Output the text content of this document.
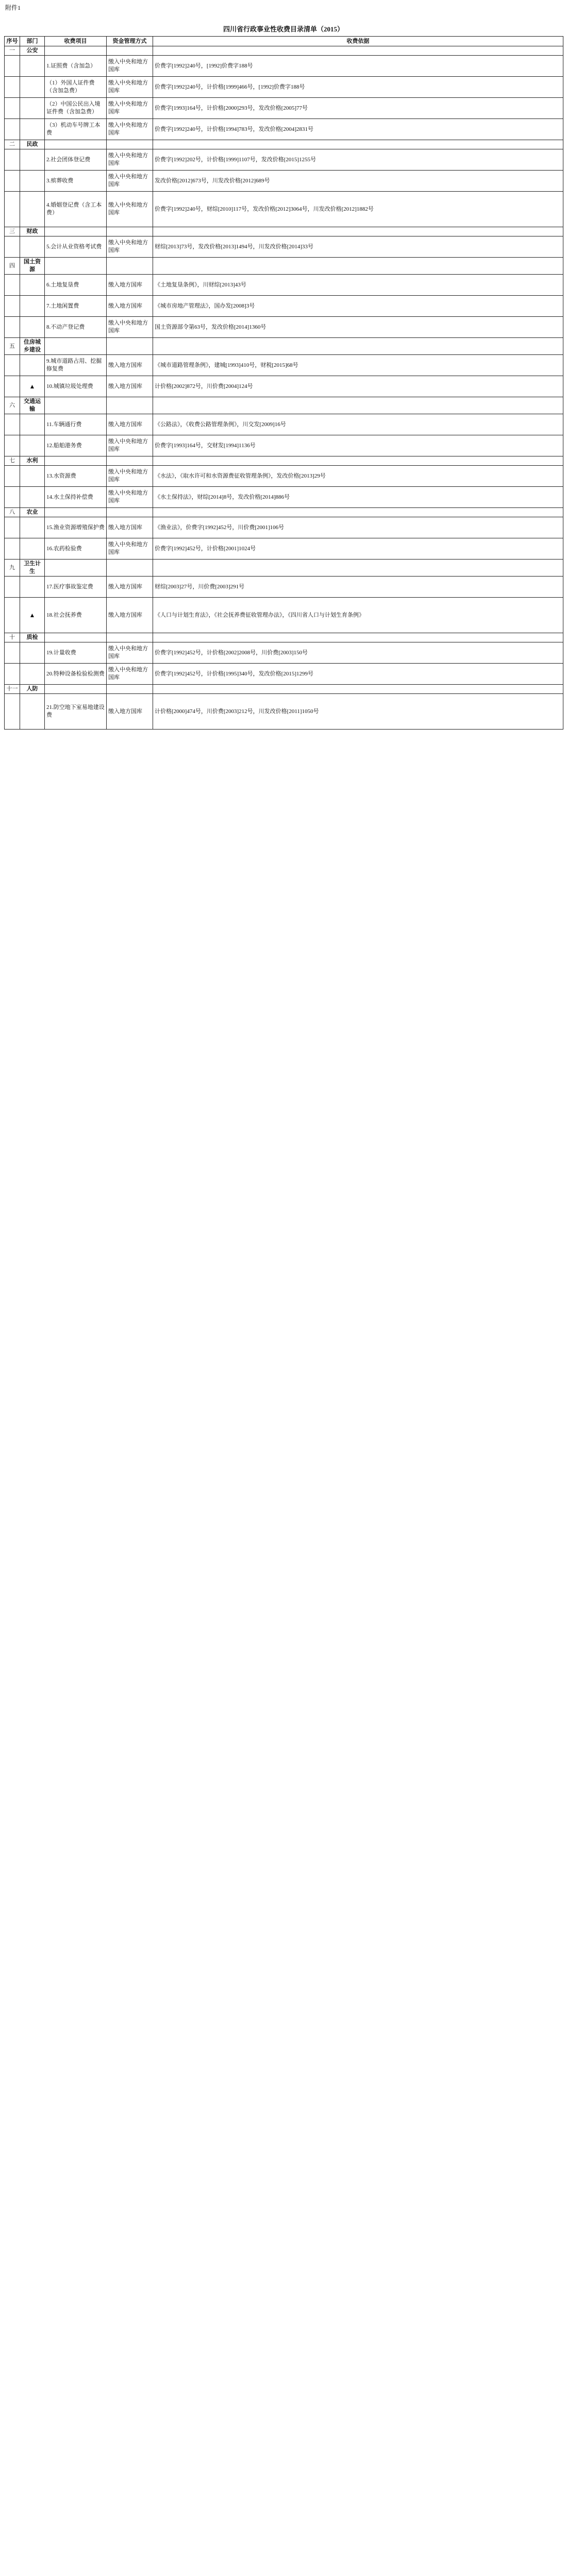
附件1
四川省行政事业性收费目录清单（2015）
序号	部门	收费项目	资金管理方式	收费依据
一	公安			
		1.证照费（含加急）	缴入中央和地方国库	价费字[1992]240号，[1992]价费字188号
		（1）外国人证件费（含加急费）	缴入中央和地方国库	价费字[1992]240号，计价格[1999]466号，[1992]价费字188号
		（2）中国公民出入境证件费（含加急费）	缴入中央和地方国库	价费字[1993]164号，计价格[2000]293号，发改价格[2005]77号
		（3）机动车号牌工本费	缴入中央和地方国库	价费字[1992]240号，计价格[1994]783号，发改价格[2004]2831号
二	民政			
		2.社会团体登记费	缴入中央和地方国库	价费字[1992]202号，计价格[1999]1107号，发改价格[2015]1255号
		3.殡葬收费	缴入中央和地方国库	发改价格[2012]673号，川发改价格[2012]689号
		4.婚姻登记费（含工本费）	缴入中央和地方国库	价费字[1992]240号，财综[2010]117号，发改价格[2012]3064号，川发改价格[2012]1882号
三	财政			
		5.会计从业资格考试费	缴入中央和地方国库	财综[2013]73号，发改价格[2013]1494号，川发改价格[2014]33号
四	国土资源			
		6.土地复垦费	缴入地方国库	《土地复垦条例》，川财综[2013]43号
		7.土地闲置费	缴入地方国库	《城市房地产管理法》，国办发[2008]3号
		8.不动产登记费	缴入中央和地方国库	国土资源部令第63号，发改价格[2014]1360号
五	住房城乡建设			
		9.城市道路占用、挖掘修复费	缴入地方国库	《城市道路管理条例》，建城[1993]410号，财税[2015]68号
	▲	10.城镇垃圾处理费	缴入地方国库	计价格[2002]872号，川价费[2004]124号
六	交通运输			
		11.车辆通行费	缴入地方国库	《公路法》，《收费公路管理条例》，川交发[2009]16号
		12.船舶港务费	缴入中央和地方国库	价费字[1993]164号，交财发[1994]1136号
七	水利			
		13.水资源费	缴入中央和地方国库	《水法》，《取水许可和水资源费征收管理条例》，发改价格[2013]29号
		14.水土保持补偿费	缴入中央和地方国库	《水土保持法》，财综[2014]8号，发改价格[2014]886号
八	农业			
		15.渔业资源增殖保护费	缴入地方国库	《渔业法》，价费字[1992]452号，川价费[2001]106号
		16.农药检验费	缴入中央和地方国库	价费字[1992]452号，计价格[2001]1024号
九	卫生计生			
		17.医疗事故鉴定费	缴入地方国库	财综[2003]27号，川价费[2003]291号
	▲	18.社会抚养费	缴入地方国库	《人口与计划生育法》，《社会抚养费征收管理办法》，《四川省人口与计划生育条例》
十	质检			
		19.计量收费	缴入中央和地方国库	价费字[1992]452号，计价格[2002]2008号，川价费[2003]150号
		20.特种设备检验检测费	缴入中央和地方国库	价费字[1992]452号，计价格[1995]340号，发改价格[2015]1299号
十一	人防			
		21.防空地下室易地建设费	缴入地方国库	计价格[2000]474号，川价费[2003]212号，川发改价格[2011]1050号
